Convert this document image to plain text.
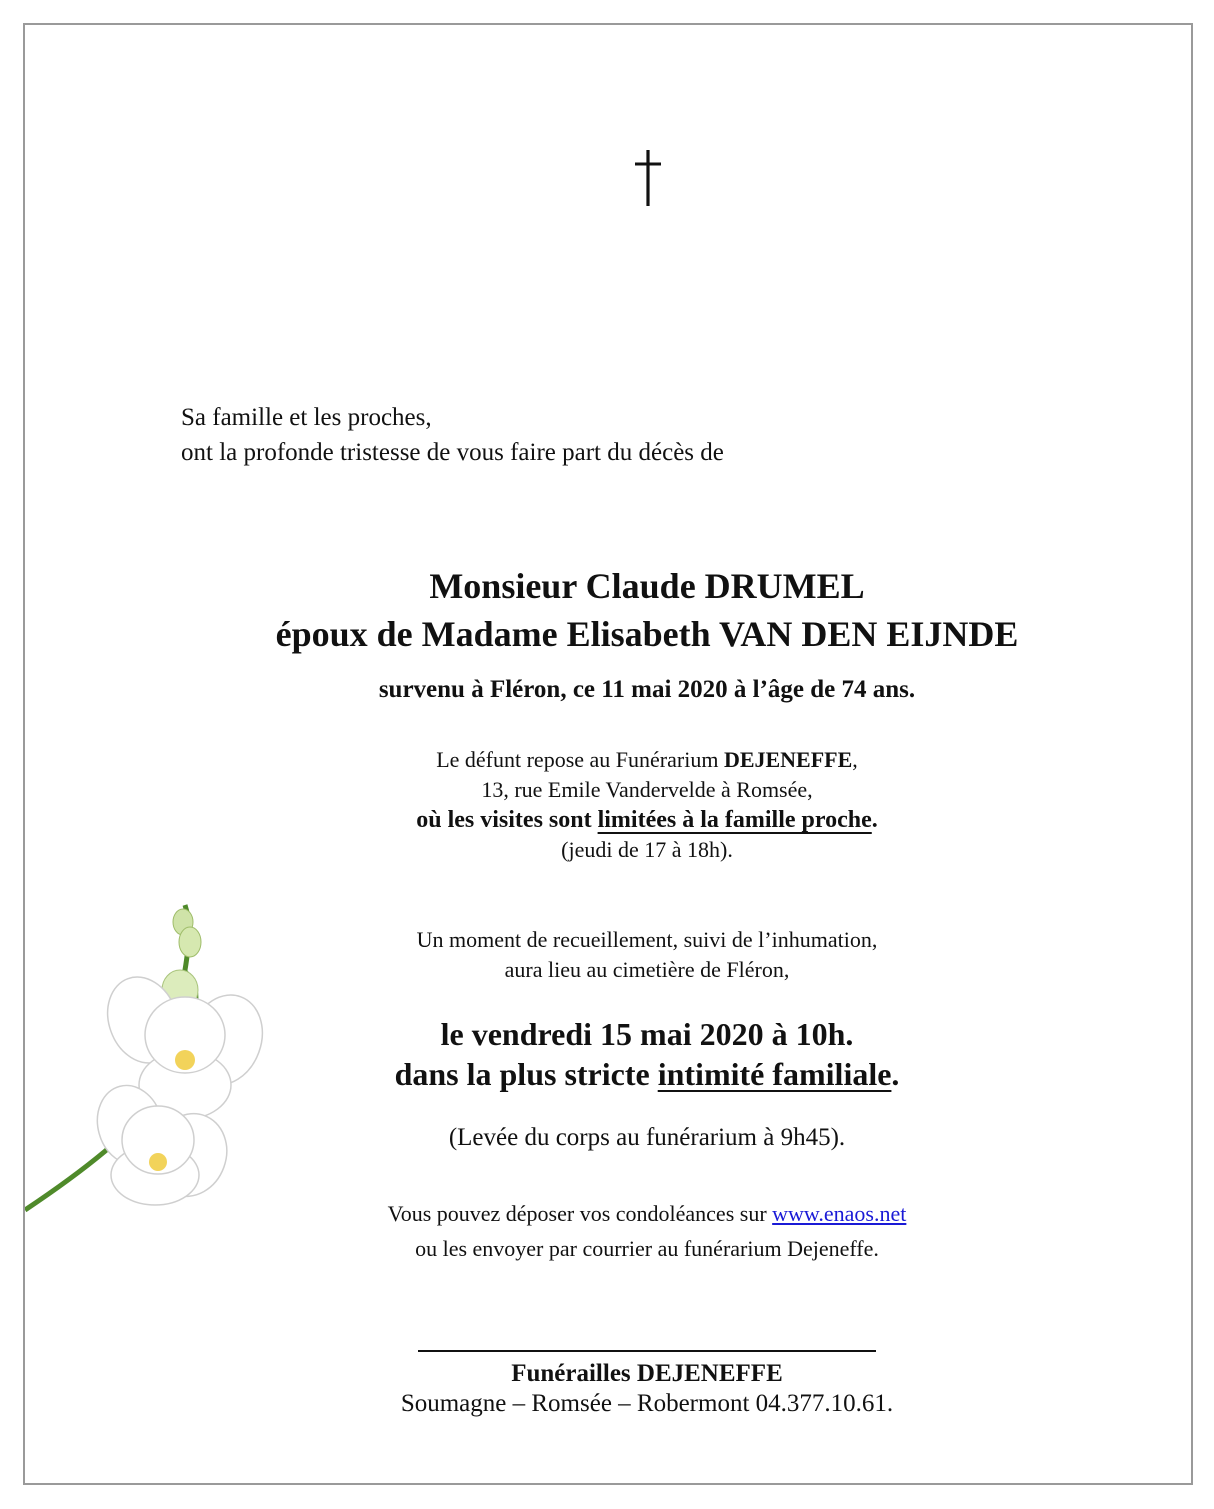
Sa famille et les proches,
ont la profonde tristesse de vous faire part du décès de
Monsieur Claude DRUMEL
époux de Madame Elisabeth VAN DEN EIJNDE
survenu à Fléron, ce 11 mai 2020 à l’âge de 74 ans.
Le défunt repose au Funérarium DEJENEFFE,
13, rue Emile Vandervelde à Romsée,
où les visites sont limitées à la famille proche.
(jeudi de 17 à 18h).
Un moment de recueillement, suivi de l’inhumation,
aura lieu au cimetière de Fléron,
le vendredi 15 mai 2020 à 10h.
dans la plus stricte intimité familiale.
(Levée du corps au funérarium à 9h45).
Vous pouvez déposer vos condoléances sur www.enaos.net
ou les envoyer par courrier au funérarium Dejeneffe.
Funérailles DEJENEFFE
Soumagne – Romsée – Robermont 04.377.10.61.
